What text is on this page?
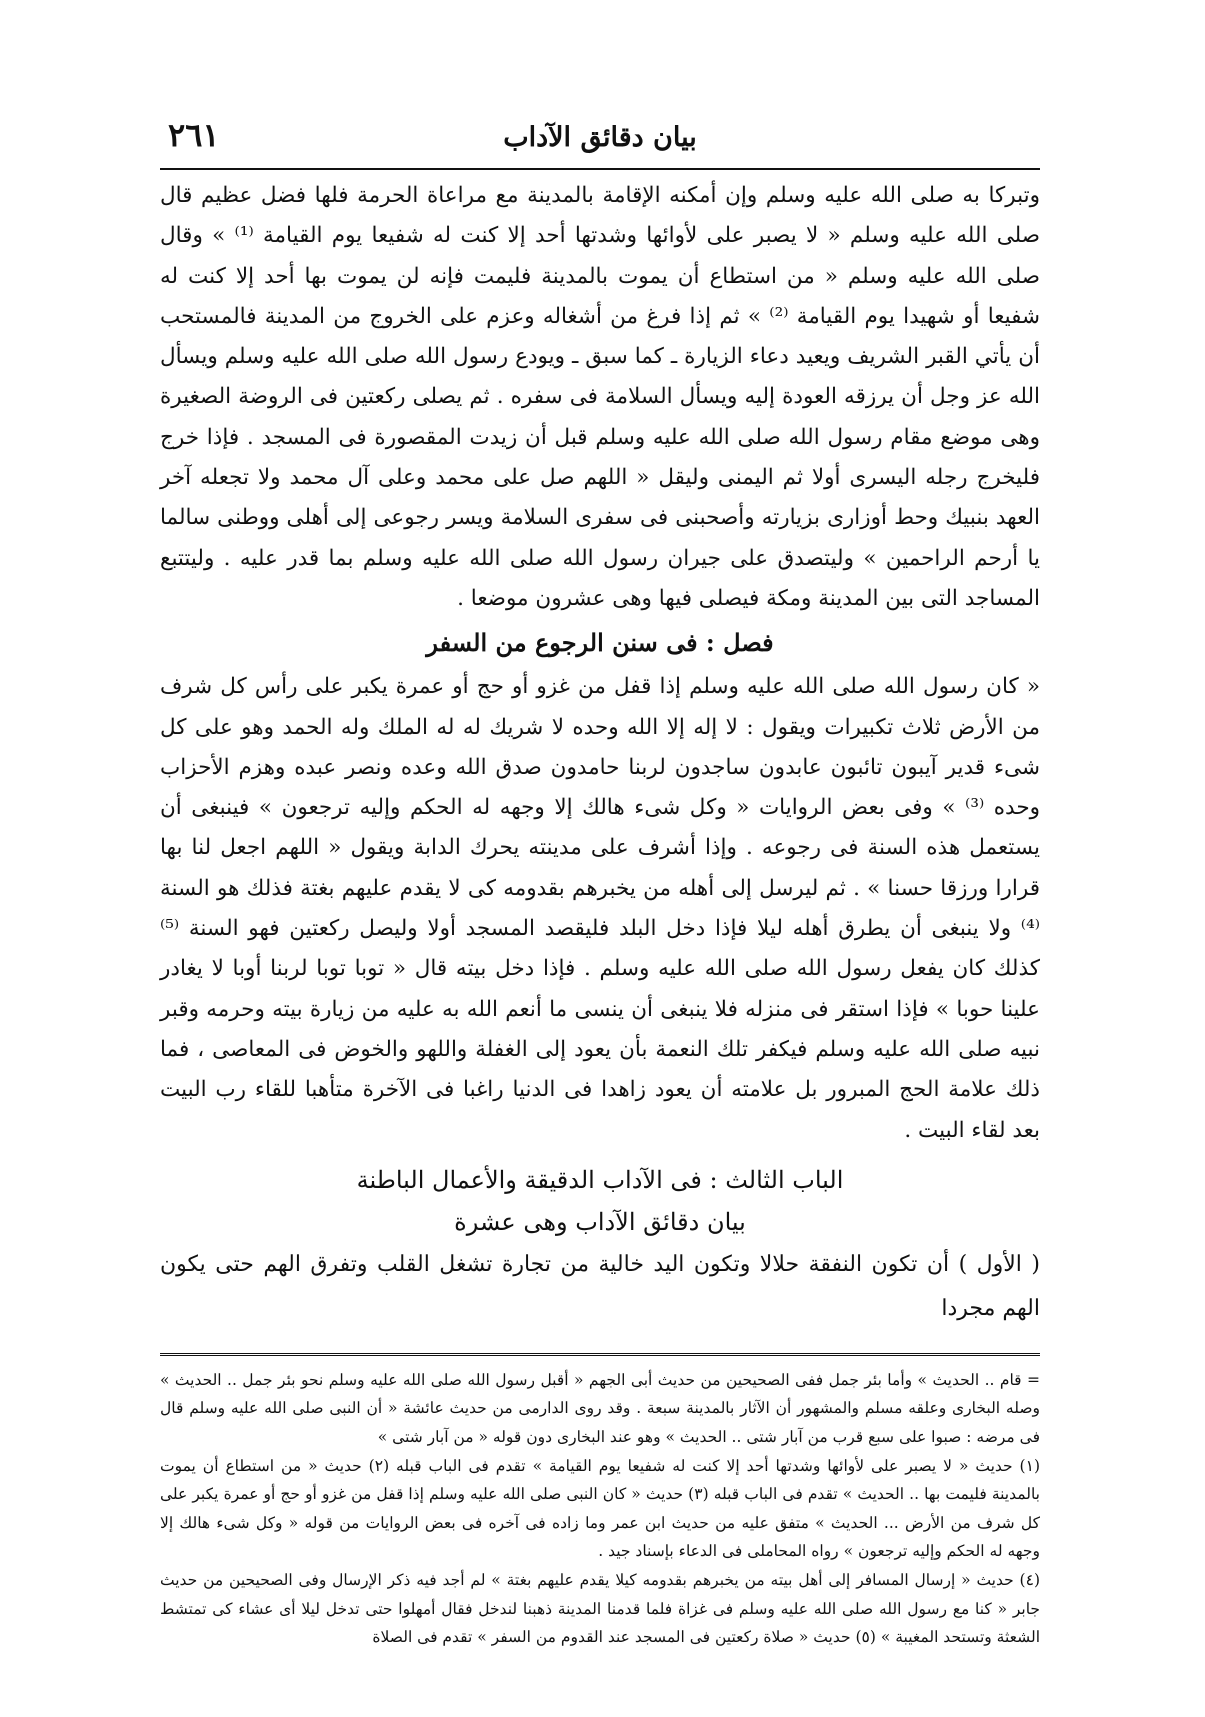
بيان دقائق الآداب
٢٦١

وتبركا به صلى الله عليه وسلم وإن أمكنه الإقامة بالمدينة مع مراعاة الحرمة فلها فضل عظيم قال صلى الله عليه وسلم « لا يصبر على لأوائها وشدتها أحد إلا كنت له شفيعا يوم القيامة ⁽¹⁾ » وقال صلى الله عليه وسلم « من استطاع أن يموت بالمدينة فليمت فإنه لن يموت بها أحد إلا كنت له شفيعا أو شهيدا يوم القيامة ⁽²⁾ » ثم إذا فرغ من أشغاله وعزم على الخروج من المدينة فالمستحب أن يأتي القبر الشريف ويعيد دعاء الزيارة ـ كما سبق ـ ويودع رسول الله صلى الله عليه وسلم ويسأل الله عز وجل أن يرزقه العودة إليه ويسأل السلامة فى سفره . ثم يصلى ركعتين فى الروضة الصغيرة وهى موضع مقام رسول الله صلى الله عليه وسلم قبل أن زيدت المقصورة فى المسجد . فإذا خرج فليخرج رجله اليسرى أولا ثم اليمنى وليقل « اللهم صل على محمد وعلى آل محمد ولا تجعله آخر العهد بنبيك وحط أوزارى بزيارته وأصحبنى فى سفرى السلامة ويسر رجوعى إلى أهلى ووطنى سالما يا أرحم الراحمين » وليتصدق على جيران رسول الله صلى الله عليه وسلم بما قدر عليه . وليتتبع المساجد التى بين المدينة ومكة فيصلى فيها وهى عشرون موضعا .

فصل : فى سنن الرجوع من السفر

« كان رسول الله صلى الله عليه وسلم إذا قفل من غزو أو حج أو عمرة يكبر على رأس كل شرف من الأرض ثلاث تكبيرات ويقول : لا إله إلا الله وحده لا شريك له له الملك وله الحمد وهو على كل شىء قدير آيبون تائبون عابدون ساجدون لربنا حامدون صدق الله وعده ونصر عبده وهزم الأحزاب وحده ⁽³⁾ » وفى بعض الروايات « وكل شىء هالك إلا وجهه له الحكم وإليه ترجعون » فينبغى أن يستعمل هذه السنة فى رجوعه . وإذا أشرف على مدينته يحرك الدابة ويقول « اللهم اجعل لنا بها قرارا ورزقا حسنا » . ثم ليرسل إلى أهله من يخبرهم بقدومه كى لا يقدم عليهم بغتة فذلك هو السنة ⁽⁴⁾ ولا ينبغى أن يطرق أهله ليلا فإذا دخل البلد فليقصد المسجد أولا وليصل ركعتين فهو السنة ⁽⁵⁾ كذلك كان يفعل رسول الله صلى الله عليه وسلم . فإذا دخل بيته قال « توبا توبا لربنا أوبا لا يغادر علينا حوبا » فإذا استقر فى منزله فلا ينبغى أن ينسى ما أنعم الله به عليه من زيارة بيته وحرمه وقبر نبيه صلى الله عليه وسلم فيكفر تلك النعمة بأن يعود إلى الغفلة واللهو والخوض فى المعاصى ، فما ذلك علامة الحج المبرور بل علامته أن يعود زاهدا فى الدنيا راغبا فى الآخرة متأهبا للقاء رب البيت بعد لقاء البيت .

الباب الثالث : فى الآداب الدقيقة والأعمال الباطنة
بيان دقائق الآداب وهى عشرة

( الأول ) أن تكون النفقة حلالا وتكون اليد خالية من تجارة تشغل القلب وتفرق الهم حتى يكون الهم مجردا

= قام .. الحديث » وأما بئر جمل ففى الصحيحين من حديث أبى الجهم « أقبل رسول الله صلى الله عليه وسلم نحو بئر جمل .. الحديث » وصله البخارى وعلقه مسلم والمشهور أن الآثار بالمدينة سبعة . وقد روى الدارمى من حديث عائشة « أن النبى صلى الله عليه وسلم قال فى مرضه : صبوا على سبع قرب من آبار شتى .. الحديث » وهو عند البخارى دون قوله « من آبار شتى »

(١) حديث « لا يصبر على لأوائها وشدتها أحد إلا كنت له شفيعا يوم القيامة » تقدم فى الباب قبله (٢) حديث « من استطاع أن يموت بالمدينة فليمت بها .. الحديث » تقدم فى الباب قبله (٣) حديث « كان النبى صلى الله عليه وسلم إذا قفل من غزو أو حج أو عمرة يكبر على كل شرف من الأرض ... الحديث » متفق عليه من حديث ابن عمر وما زاده فى آخره فى بعض الروايات من قوله « وكل شىء هالك إلا وجهه له الحكم وإليه ترجعون » رواه المحاملى فى الدعاء بإسناد جيد .

(٤) حديث « إرسال المسافر إلى أهل بيته من يخبرهم بقدومه كيلا يقدم عليهم بغتة » لم أجد فيه ذكر الإرسال وفى الصحيحين من حديث جابر « كنا مع رسول الله صلى الله عليه وسلم فى غزاة فلما قدمنا المدينة ذهبنا لندخل فقال أمهلوا حتى تدخل ليلا أى عشاء كى تمتشط الشعثة وتستحد المغيبة » (٥) حديث « صلاة ركعتين فى المسجد عند القدوم من السفر » تقدم فى الصلاة
